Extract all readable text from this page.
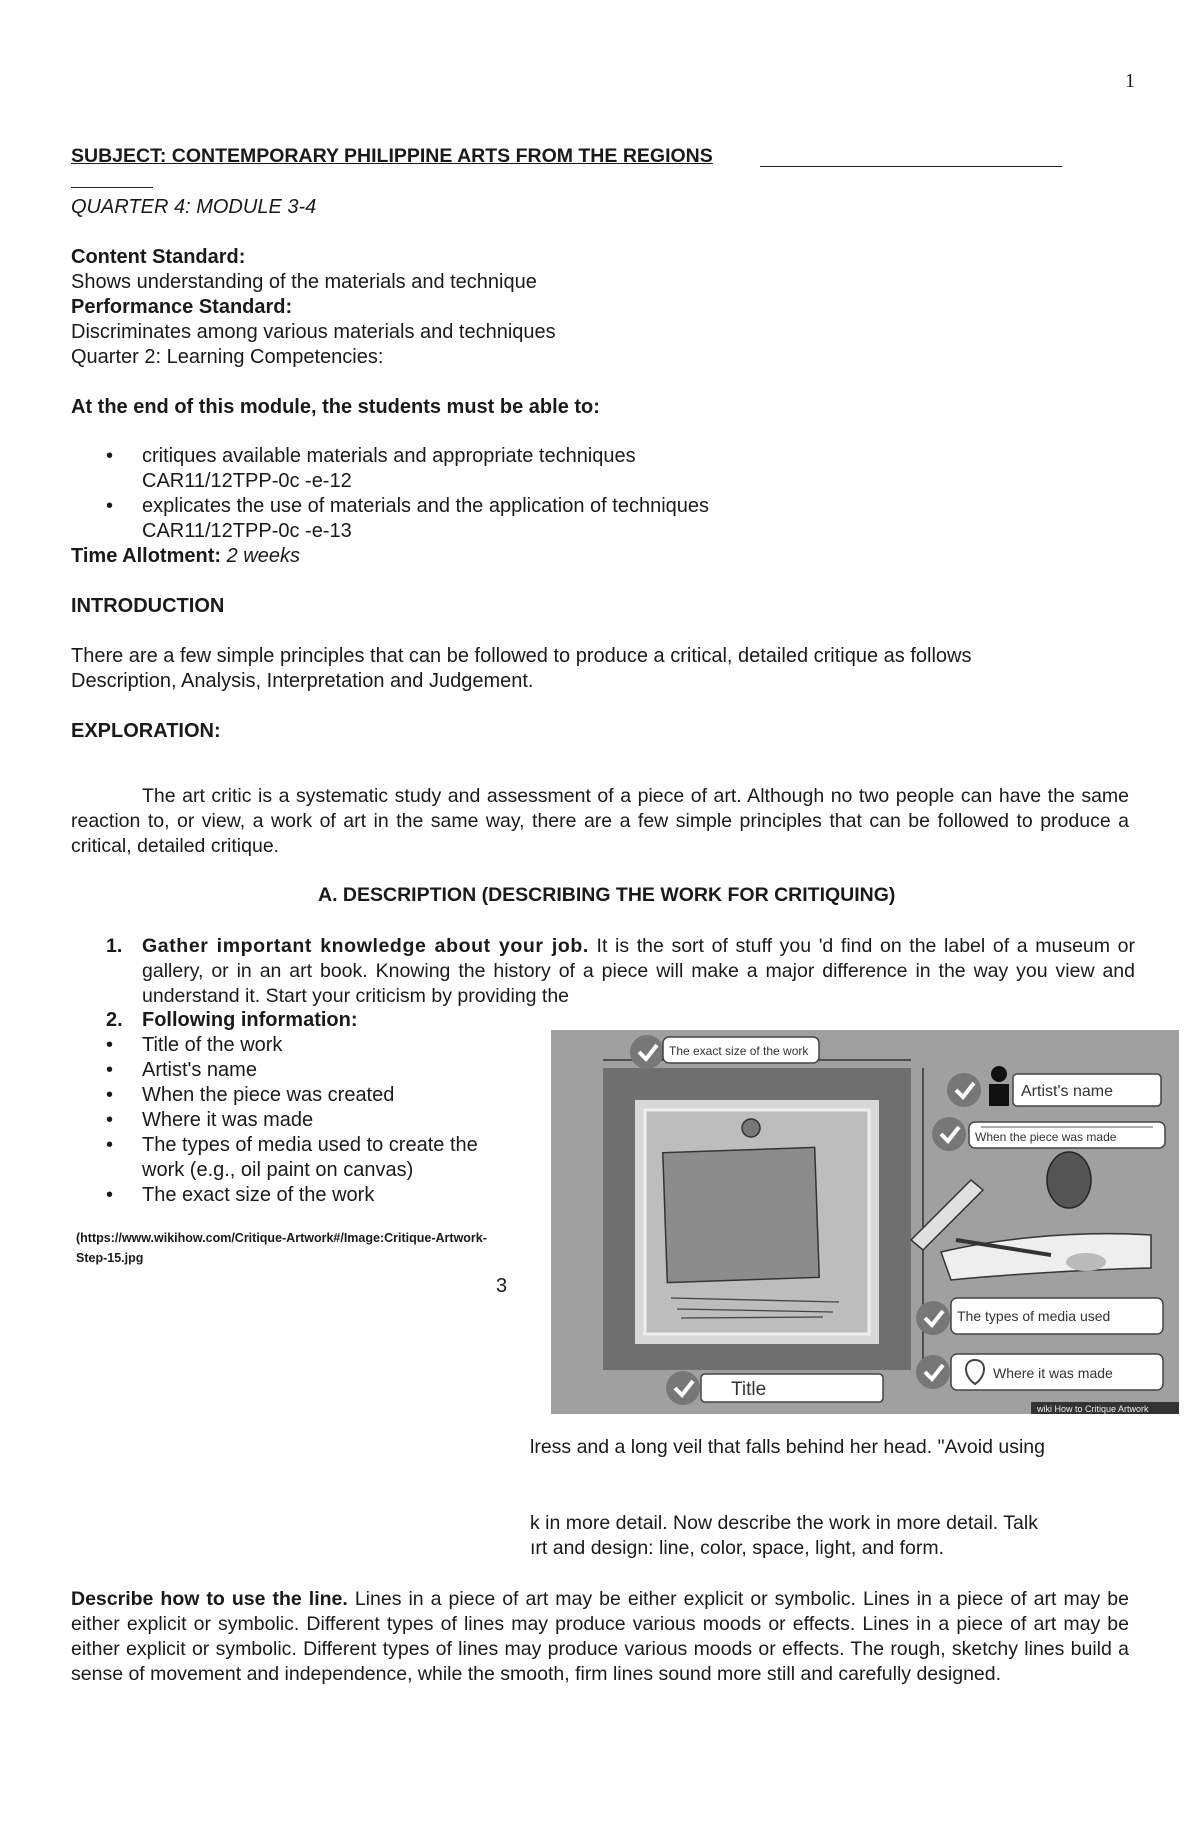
1
SUBJECT: CONTEMPORARY PHILIPPINE ARTS FROM THE REGIONS
QUARTER 4: MODULE 3-4
Content Standard:
Shows understanding of the materials and technique
Performance Standard:
Discriminates among various materials and techniques
Quarter 2: Learning Competencies:
At the end of this module, the students must be able to:
• critiques available materials and appropriate techniques
CAR11/12TPP-0c -e-12
• explicates the use of materials and the application of techniques
CAR11/12TPP-0c -e-13
Time Allotment: 2 weeks
INTRODUCTION
There are a few simple principles that can be followed to produce a critical, detailed critique as follows
Description, Analysis, Interpretation and Judgement.
EXPLORATION:
The art critic is a systematic study and assessment of a piece of art. Although no two people can have the same reaction to, or view, a work of art in the same way, there are a few simple principles that can be followed to produce a critical, detailed critique.
A. DESCRIPTION (DESCRIBING THE WORK FOR CRITIQUING)
1. Gather important knowledge about your job. It is the sort of stuff you 'd find on the label of a museum or gallery, or in an art book. Knowing the history of a piece will make a major difference in the way you view and understand it. Start your criticism by providing the
2. Following information:
• Title of the work
• Artist's name
• When the piece was created
• Where it was made
• The types of media used to create the
work (e.g., oil paint on canvas)
• The exact size of the work
(https://www.wikihow.com/Critique-Artwork#/Image:Critique-Artwork-Step-15.jpg
3
The exact size of the work
Artist's name
When the piece was made
The types of media used
Where it was made
Title
wiki How to Critique Artwork
lress and a long veil that falls behind her head. "Avoid using
k in more detail. Now describe the work in more detail. Talk
ırt and design: line, color, space, light, and form.
Describe how to use the line. Lines in a piece of art may be either explicit or symbolic. Lines in a piece of art may be either explicit or symbolic. Different types of lines may produce various moods or effects. Lines in a piece of art may be either explicit or symbolic. Different types of lines may produce various moods or effects. The rough, sketchy lines build a sense of movement and independence, while the smooth, firm lines sound more still and carefully designed.
